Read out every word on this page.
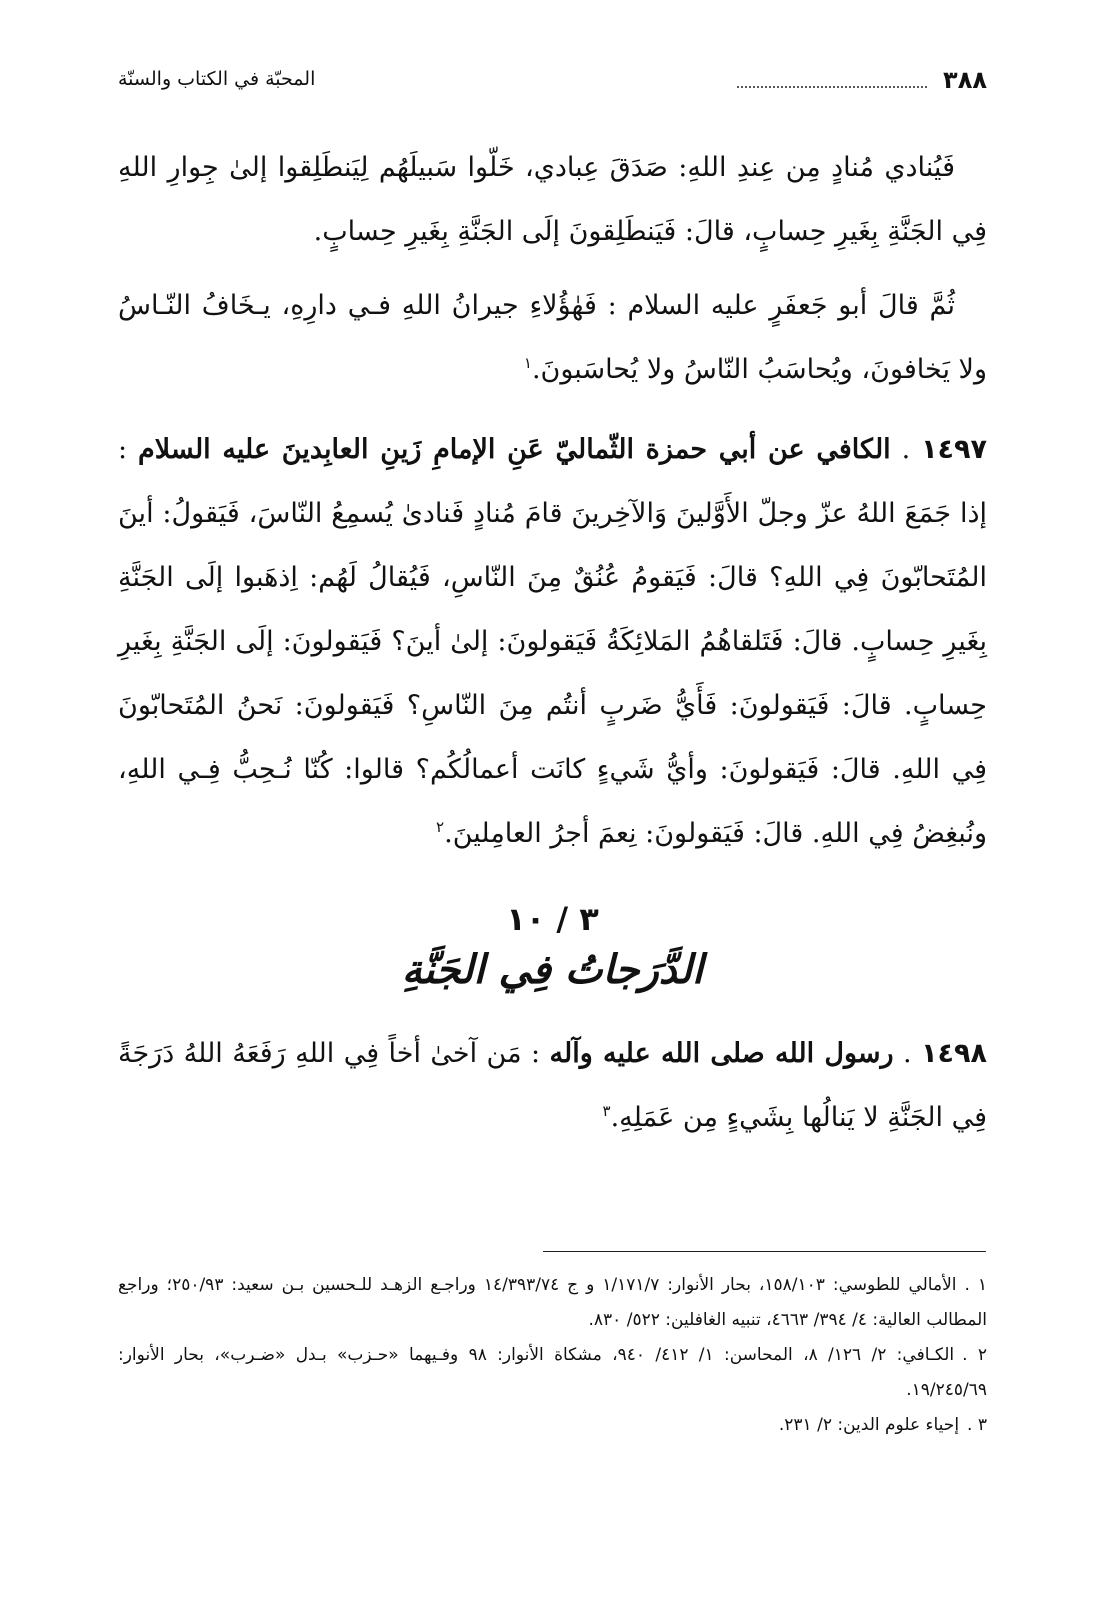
٣٨٨
المحبّة في الكتاب والسنّة

فَيُنادي مُنادٍ مِن عِندِ اللهِ: صَدَقَ عِبادي، خَلّوا سَبيلَهُم لِيَنطَلِقوا إلىٰ جِوارِ اللهِ فِي الجَنَّةِ بِغَيرِ حِسابٍ، قالَ: فَيَنطَلِقونَ إلَى الجَنَّةِ بِغَيرِ حِسابٍ.

ثُمَّ قالَ أبو جَعفَرٍ عليه السلام : فَهٰؤُلاءِ جيرانُ اللهِ فـي دارِهِ، يـخَافُ النّـاسُ ولا يَخافونَ، ويُحاسَبُ النّاسُ ولا يُحاسَبونَ.$^١$

١٤٩٧ . الكافي عن أبي حمزة الثّماليّ عَنِ الإمامِ زَينِ العابِدينَ عليه السلام : إذا جَمَعَ اللهُ عزّ وجلّ الأَوَّلينَ وَالآخِرينَ قامَ مُنادٍ فَنادىٰ يُسمِعُ النّاسَ، فَيَقولُ: أينَ المُتَحابّونَ فِي اللهِ؟ قالَ: فَيَقومُ عُنُقٌ مِنَ النّاسِ، فَيُقالُ لَهُم: اِذهَبوا إلَى الجَنَّةِ بِغَيرِ حِسابٍ. قالَ: فَتَلقاهُمُ المَلائِكَةُ فَيَقولونَ: إلىٰ أينَ؟ فَيَقولونَ: إلَى الجَنَّةِ بِغَيرِ حِسابٍ. قالَ: فَيَقولونَ: فَأَيُّ ضَربٍ أنتُم مِنَ النّاسِ؟ فَيَقولونَ: نَحنُ المُتَحابّونَ فِي اللهِ. قالَ: فَيَقولونَ: وأيُّ شَيءٍ كانَت أعمالُكُم؟ قالوا: كُنّا نُـحِبُّ فِـي اللهِ، ونُبغِضُ فِي اللهِ. قالَ: فَيَقولونَ: نِعمَ أجرُ العامِلينَ.$^٢$

٣ / ١٠
الدَّرَجاتُ فِي الجَنَّةِ

١٤٩٨ . رسول الله صلى الله عليه وآله : مَن آخىٰ أخاً فِي اللهِ رَفَعَهُ اللهُ دَرَجَةً فِي الجَنَّةِ لا يَنالُها بِشَيءٍ مِن عَمَلِهِ.$^٣$

١ .الأمالي للطوسي: ١٥٨/١٠٣، بحار الأنوار: ١/١٧١/٧ و ج ١٤/٣٩٣/٧٤ وراجـع الزهـد للـحسين بـن سعيد: ٢٥٠/٩٣؛ وراجع المطالب العالية: ٤/ ٣٩٤/ ٤٦٦٣، تنبيه الغافلين: ٥٢٢/ ٨٣٠.

٢ .الكـافي: ٢/ ١٢٦/ ٨، المحاسن: ١/ ٤١٢/ ٩٤٠، مشكاة الأنوار: ٩٨ وفـيهما «حـزب» بـدل «ضـرب»، بحار الأنوار: ١٩/٢٤٥/٦٩.

٣ .إحياء علوم الدين: ٢/ ٢٣١.
